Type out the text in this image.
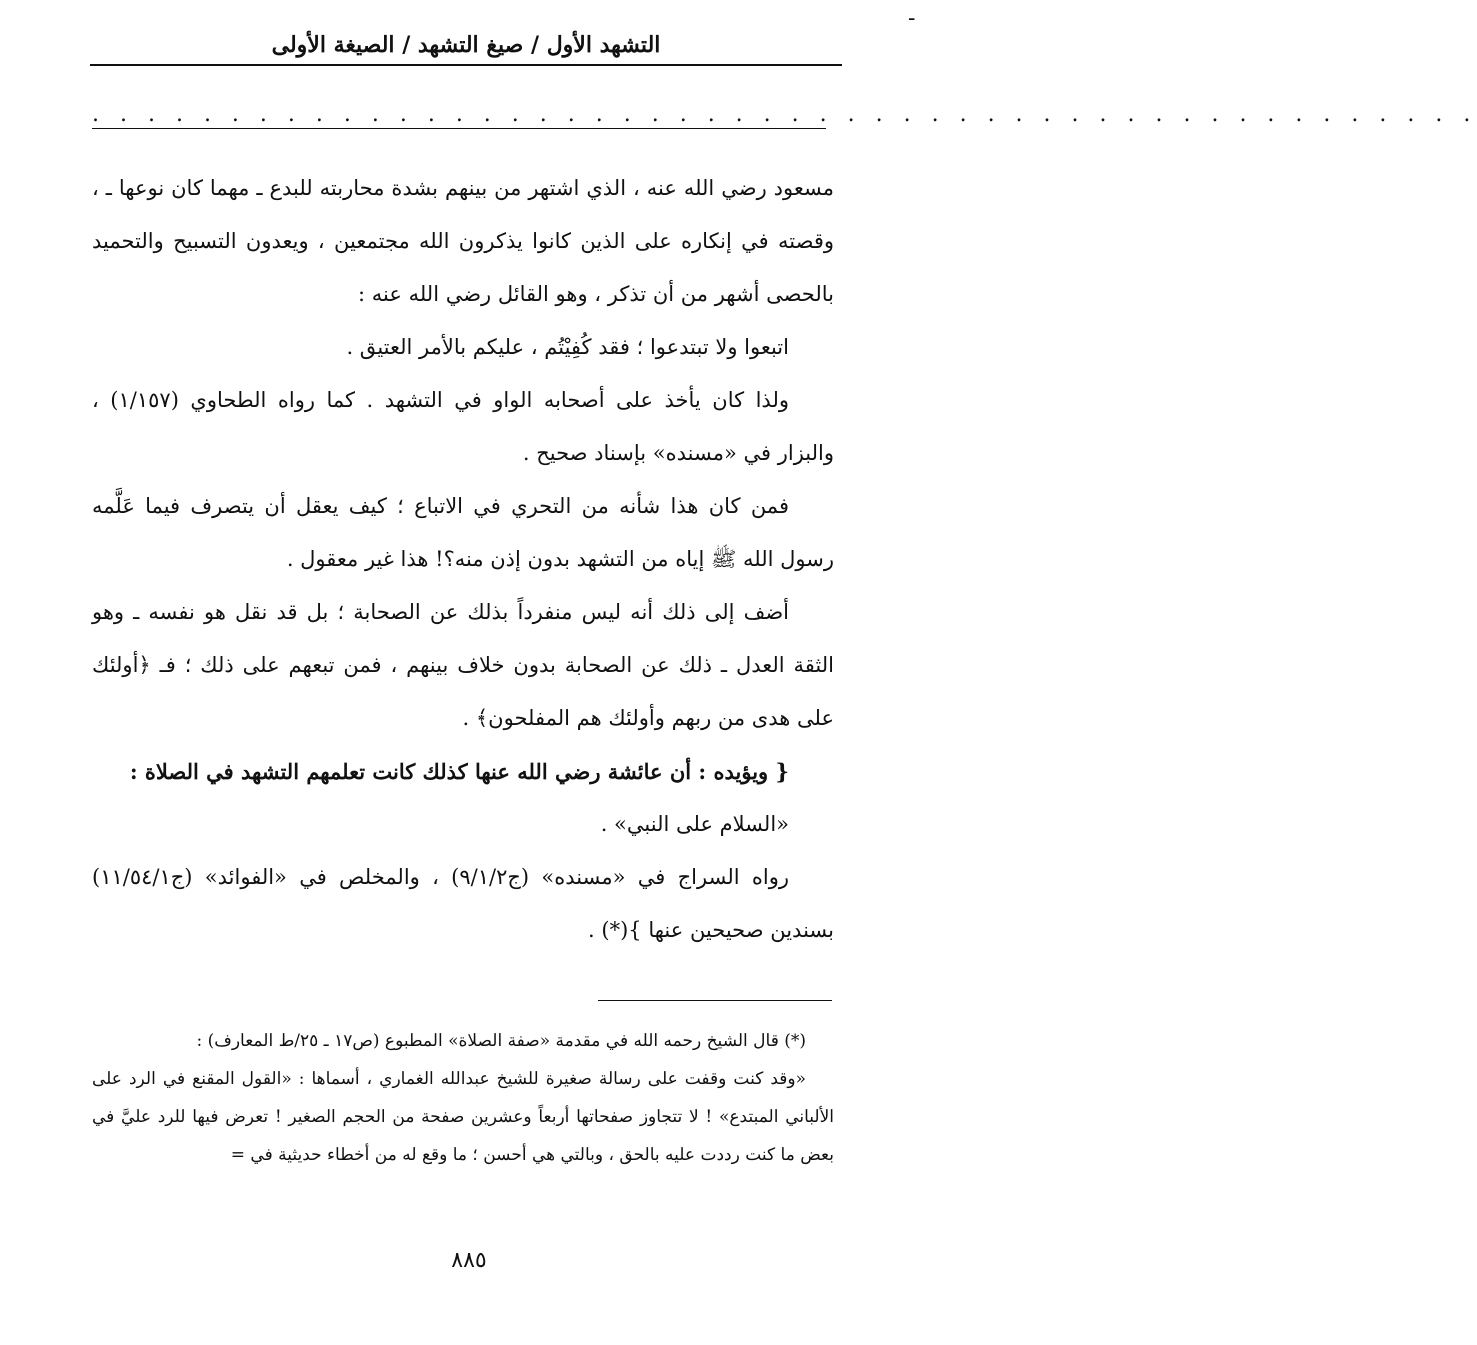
-
التشهد الأول / صيغ التشهد / الصيغة الأولى
. . . . . . . . . . . . . . . . . . . . . . . . . . . . . . . . . . . . . . . . . . . . . . . . . .

مسعود رضي الله عنه ، الذي اشتهر من بينهم بشدة محاربته للبدع ـ مهما كان نوعها ـ ، وقصته في إنكاره على الذين كانوا يذكرون الله مجتمعين ، ويعدون التسبيح والتحميد بالحصى أشهر من أن تذكر ، وهو القائل رضي الله عنه :

اتبعوا ولا تبتدعوا ؛ فقد كُفِيْتُم ، عليكم بالأمر العتيق .

ولذا كان يأخذ على أصحابه الواو في التشهد . كما رواه الطحاوي (١/١٥٧) ، والبزار في «مسنده» بإسناد صحيح .

فمن كان هذا شأنه من التحري في الاتباع ؛ كيف يعقل أن يتصرف فيما عَلَّمه رسول الله ﷺ إياه من التشهد بدون إذن منه؟! هذا غير معقول .

أضف إلى ذلك أنه ليس منفرداً بذلك عن الصحابة ؛ بل قد نقل هو نفسه ـ وهو الثقة العدل ـ ذلك عن الصحابة بدون خلاف بينهم ، فمن تبعهم على ذلك ؛ فـ ﴿أولئك على هدى من ربهم وأولئك هم المفلحون﴾ .

{ ويؤيده : أن عائشة رضي الله عنها كذلك كانت تعلمهم التشهد في الصلاة :

«السلام على النبي» .

رواه السراج في «مسنده» (ج٩/١/٢) ، والمخلص في «الفوائد» (ج١١/٥٤/١) بسندين صحيحين عنها }(*) .

(*) قال الشيخ رحمه الله في مقدمة «صفة الصلاة» المطبوع (ص١٧ ـ ٢٥/ط المعارف) :

«وقد كنت وقفت على رسالة صغيرة للشيخ عبدالله الغماري ، أسماها : «القول المقنع في الرد على الألباني المبتدع» ! لا تتجاوز صفحاتها أربعاً وعشرين صفحة من الحجم الصغير ! تعرض فيها للرد عليَّ في بعض ما كنت رددت عليه بالحق ، وبالتي هي أحسن ؛ ما وقع له من أخطاء حديثية في =

٨٨٥
